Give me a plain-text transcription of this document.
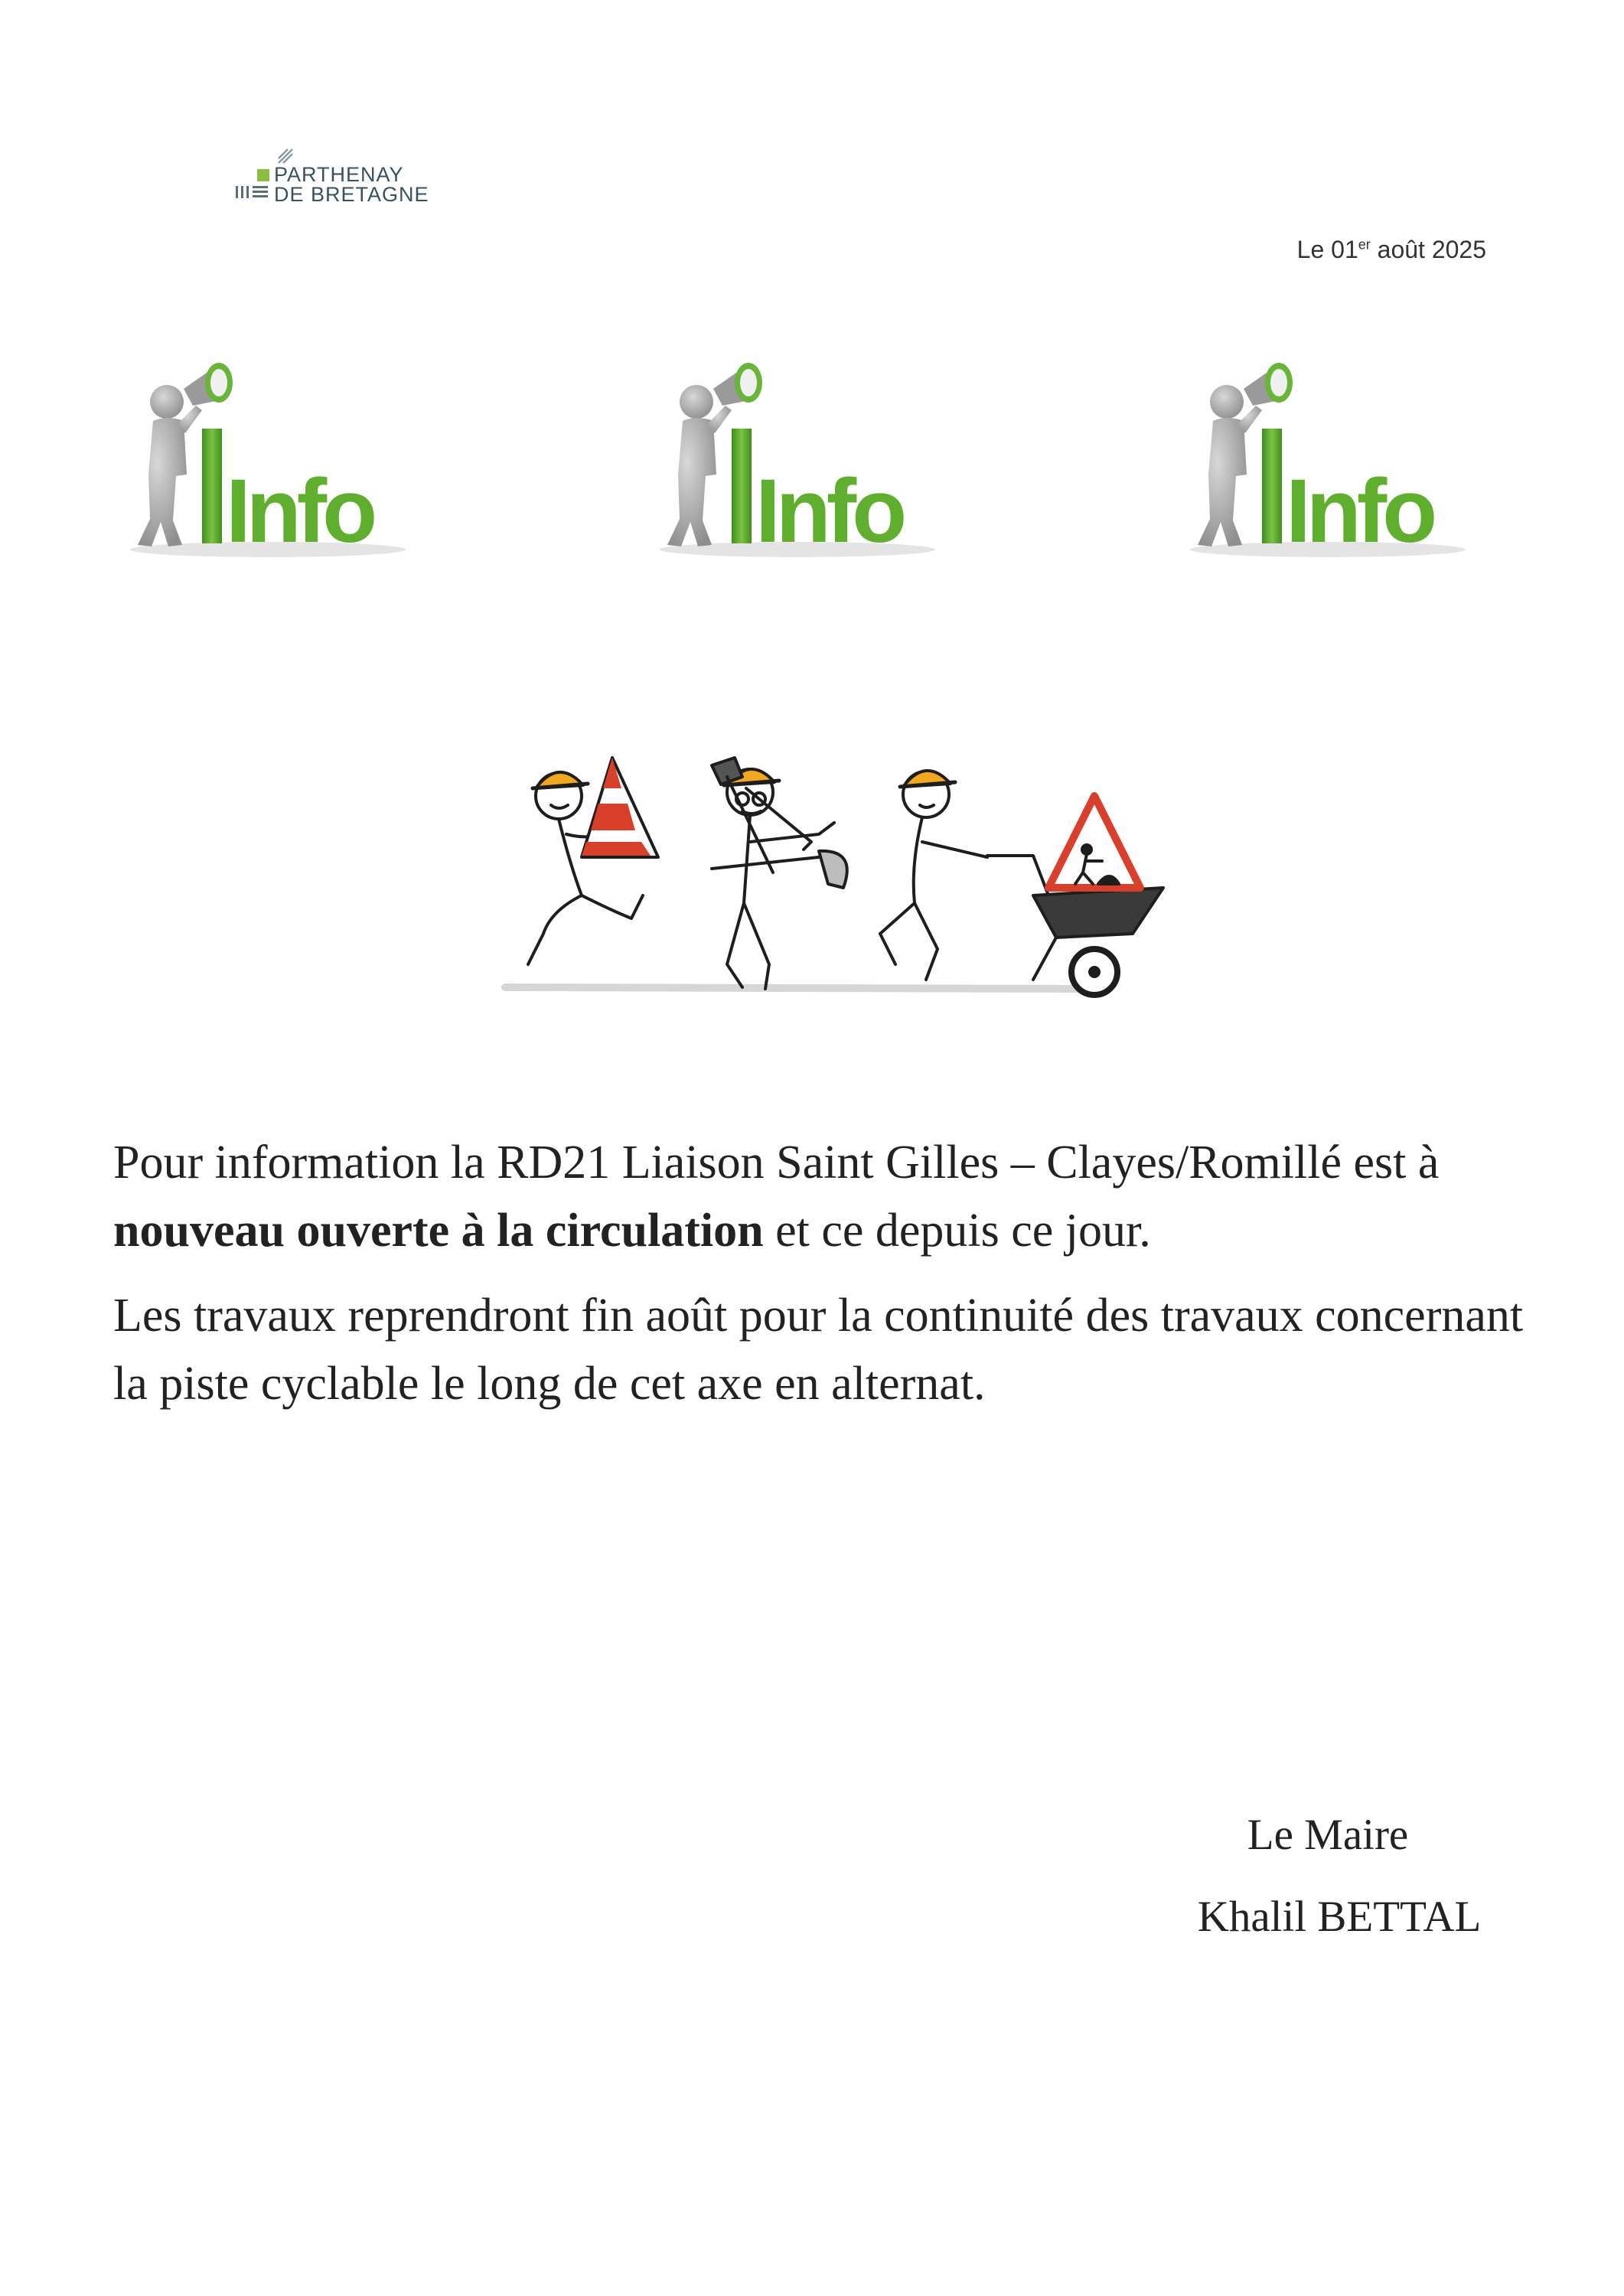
PARTHENAY
DE BRETAGNE
Le 01er août 2025
Info	Info	Info

Pour information la RD21 Liaison Saint Gilles – Clayes/Romillé est à nouveau ouverte à la circulation et ce depuis ce jour.

Les travaux reprendront fin août pour la continuité des travaux concernant la piste cyclable le long de cet axe en alternat.

Le Maire
Khalil BETTAL
